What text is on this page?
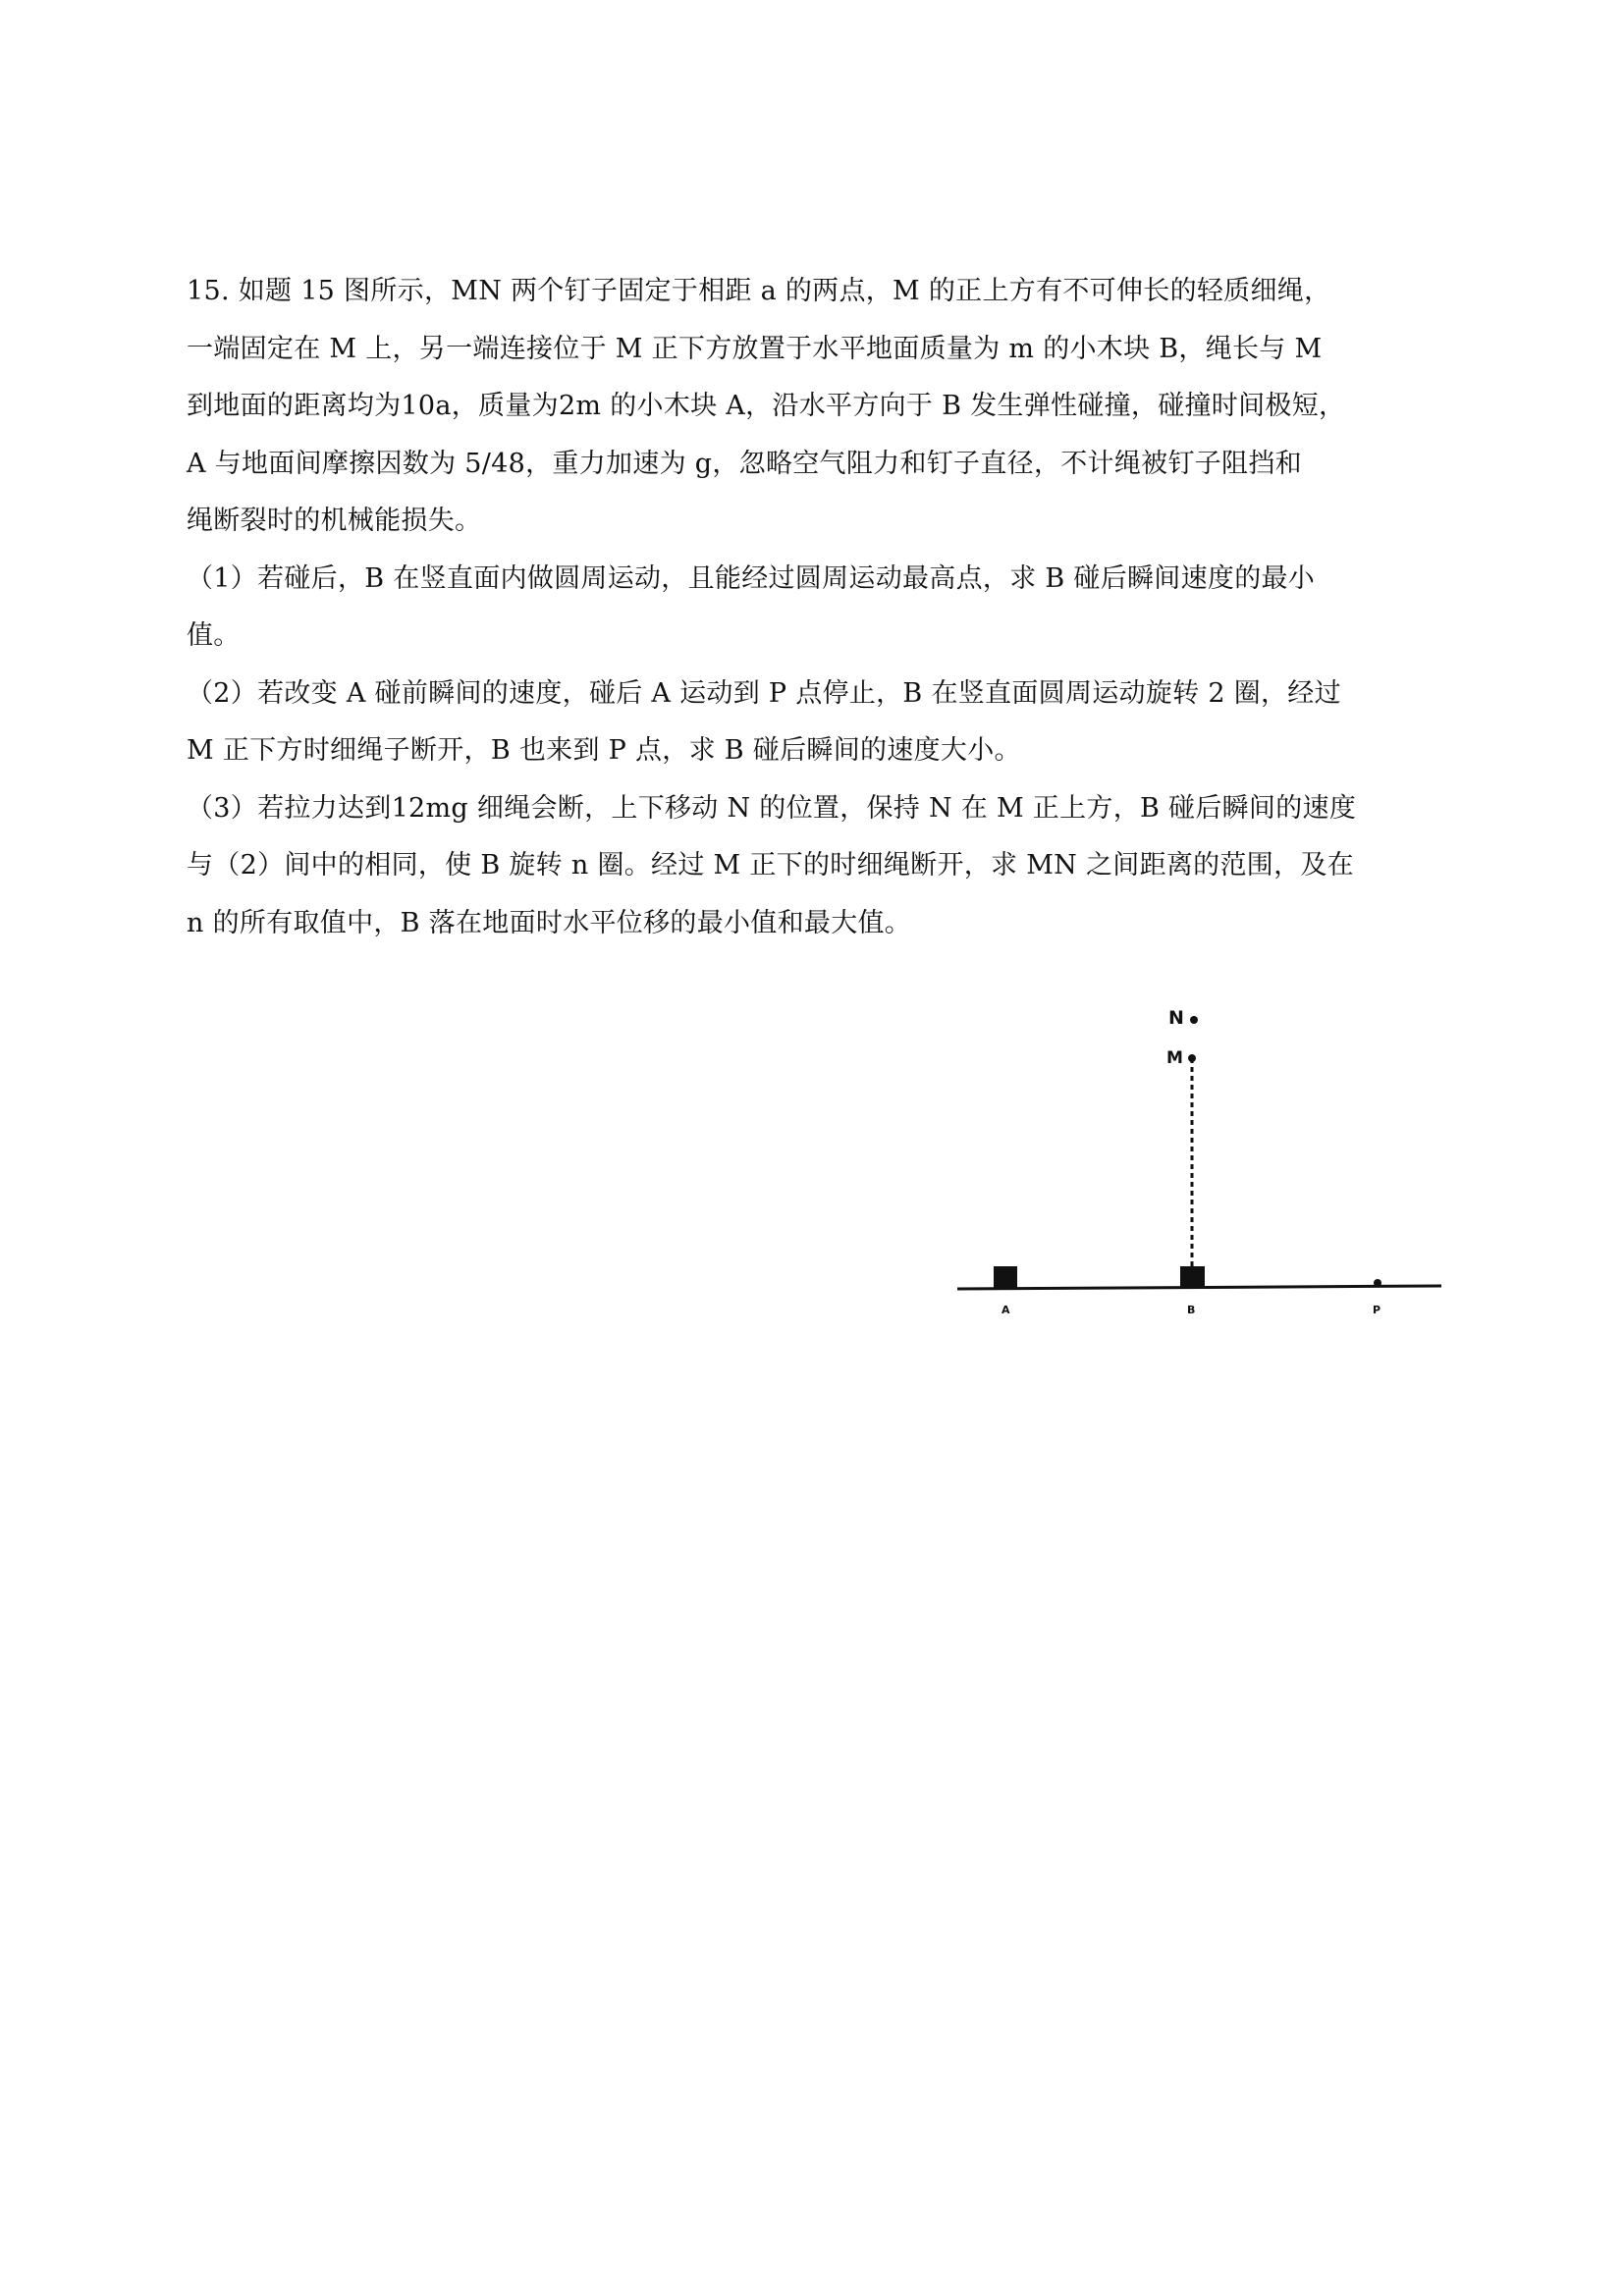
15. 如题 15 图所示，MN 两个钉子固定于相距 a 的两点，M 的正上方有不可伸长的轻质细绳，
一端固定在 M 上，另一端连接位于 M 正下方放置于水平地面质量为 m 的小木块 B，绳长与 M
到地面的距离均为10a，质量为2m 的小木块 A，沿水平方向于 B 发生弹性碰撞，碰撞时间极短，
A 与地面间摩擦因数为 5/48，重力加速为 g，忽略空气阻力和钉子直径，不计绳被钉子阻挡和
绳断裂时的机械能损失。
（1）若碰后，B 在竖直面内做圆周运动，且能经过圆周运动最高点，求 B 碰后瞬间速度的最小
值。
（2）若改变 A 碰前瞬间的速度，碰后 A 运动到 P 点停止，B 在竖直面圆周运动旋转 2 圈，经过
M 正下方时细绳子断开，B 也来到 P 点，求 B 碰后瞬间的速度大小。
（3）若拉力达到12mg 细绳会断，上下移动 N 的位置，保持 N 在 M 正上方，B 碰后瞬间的速度
与（2）间中的相同，使 B 旋转 n 圈。经过 M 正下的时细绳断开，求 MN 之间距离的范围，及在
n 的所有取值中，B 落在地面时水平位移的最小值和最大值。
N
M
A	B	P
